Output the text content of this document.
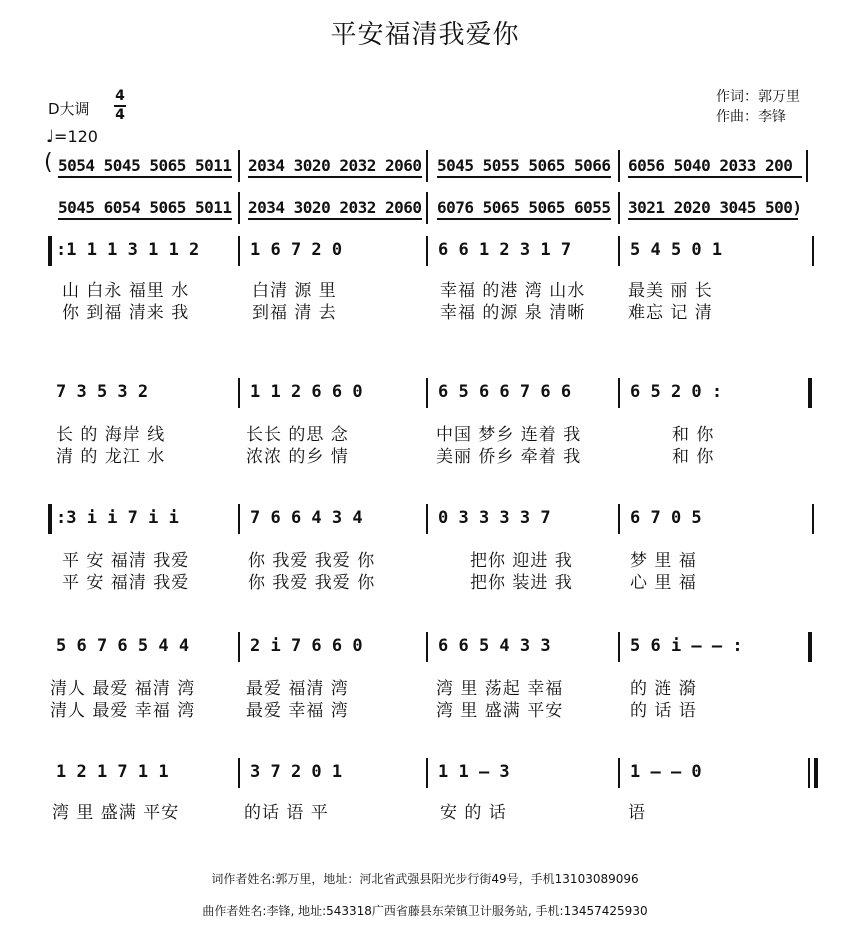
平安福清我爱你
D大调
4
4
♩=120
作词：郭万里
作曲：李锋
( 5054 5045 5065 5011 2034 3020 2032 2060 5045 5055 5065 5066 6056 5040 2033 200
5045 6054 5065 5011 2034 3020 2032 2060 6076 5065 5065 6055 3021 2020 3045 500)
:1 1 1 3 1 1 2	1 6 7 2 0	6 6 1 2 3 1 7	5 4 5 0 1
山 白永 福里 水	白清 源 里	幸福 的港 湾 山水	最美 丽 长
你 到福 清来 我	到福 清 去	幸福 的源 泉 清晰	难忘 记 清
7 3 5 3 2	1 1 2 6 6 0	6 5 6 6 7 6 6	6 5 2 0 :
长 的 海岸 线	长长 的思 念	中国 梦乡 连着 我	和 你
清 的 龙江 水	浓浓 的乡 情	美丽 侨乡 牵着 我	和 你
:3 i i 7 i i	7 6 6 4 3 4	0 3 3 3 3 7	6 7 0 5
平 安 福清 我爱	你 我爱 我爱 你	把你 迎进 我	梦 里 福
平 安 福清 我爱	你 我爱 我爱 你	把你 装进 我	心 里 福
5 6 7 6 5 4 4	2 i 7 6 6 0	6 6 5 4 3 3	5 6 i — — :
清人 最爱 福清 湾	最爱 福清 湾	湾 里 荡起 幸福	的 涟 漪
清人 最爱 幸福 湾	最爱 幸福 湾	湾 里 盛满 平安	的 话 语
1 2 1 7 1 1	3 7 2 0 1	1 1 — 3	1 — — 0
湾 里 盛满 平安	的话 语 平	安 的 话	语
词作者姓名:郭万里，地址：河北省武强县阳光步行街49号，手机13103089096
曲作者姓名:李锋, 地址:543318广西省藤县东荣镇卫计服务站, 手机:13457425930
